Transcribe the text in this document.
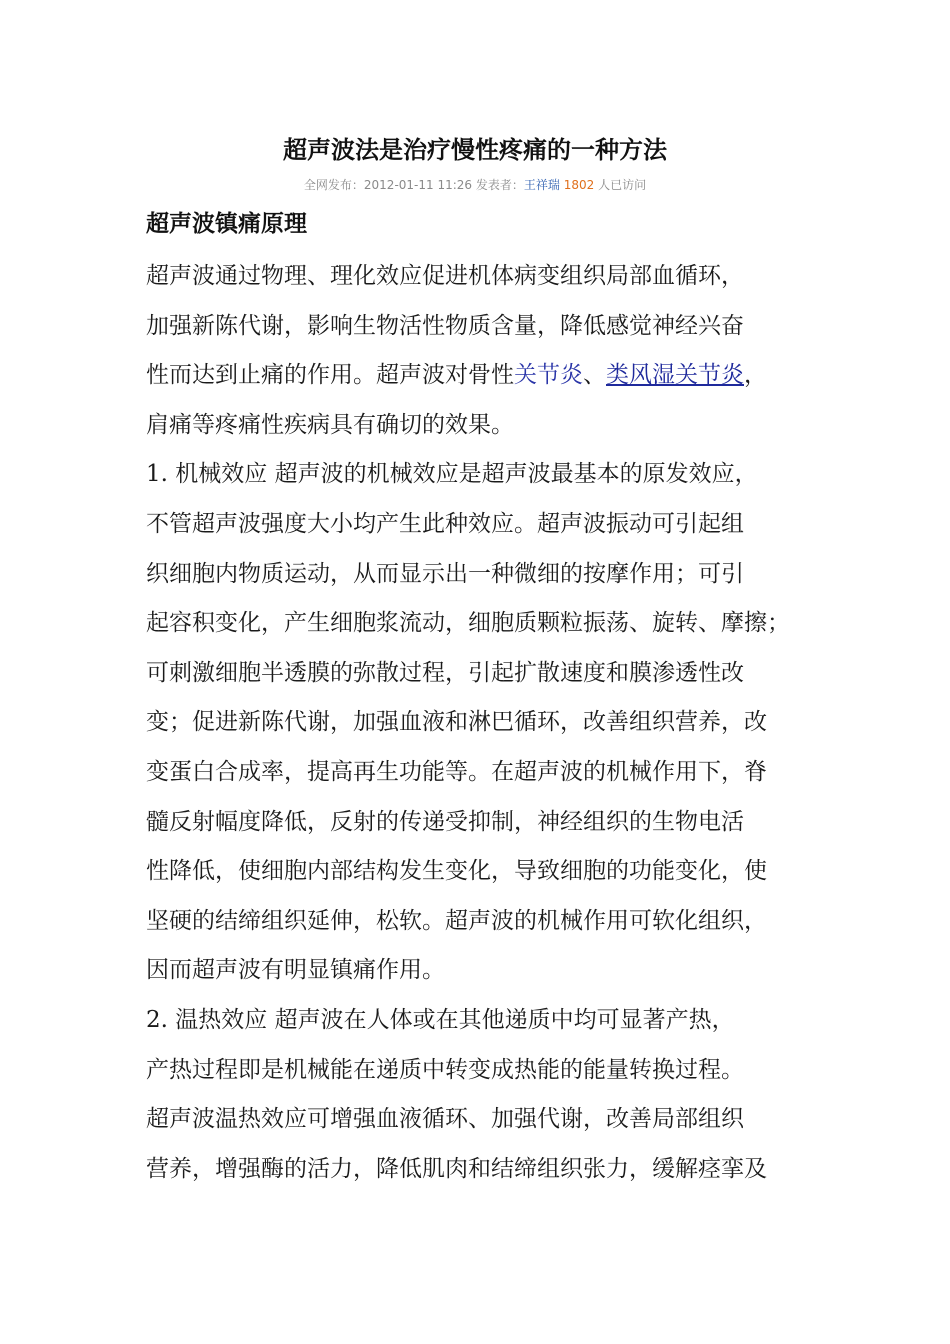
超声波法是治疗慢性疼痛的一种方法
全网发布：2012-01-11 11:26 发表者：王祥瑞 1802 人已访问
超声波镇痛原理
超声波通过物理、理化效应促进机体病变组织局部血循环，
加强新陈代谢，影响生物活性物质含量，降低感觉神经兴奋
性而达到止痛的作用。超声波对骨性关节炎、类风湿关节炎，
肩痛等疼痛性疾病具有确切的效果。
1. 机械效应 超声波的机械效应是超声波最基本的原发效应，
不管超声波强度大小均产生此种效应。超声波振动可引起组
织细胞内物质运动，从而显示出一种微细的按摩作用；可引
起容积变化，产生细胞浆流动，细胞质颗粒振荡、旋转、摩擦；
可刺激细胞半透膜的弥散过程，引起扩散速度和膜渗透性改
变；促进新陈代谢，加强血液和淋巴循环，改善组织营养，改
变蛋白合成率，提高再生功能等。在超声波的机械作用下，脊
髓反射幅度降低，反射的传递受抑制，神经组织的生物电活
性降低，使细胞内部结构发生变化，导致细胞的功能变化，使
坚硬的结缔组织延伸，松软。超声波的机械作用可软化组织，
因而超声波有明显镇痛作用。
2. 温热效应 超声波在人体或在其他递质中均可显著产热，
产热过程即是机械能在递质中转变成热能的能量转换过程。
超声波温热效应可增强血液循环、加强代谢，改善局部组织
营养，增强酶的活力，降低肌肉和结缔组织张力，缓解痉挛及
